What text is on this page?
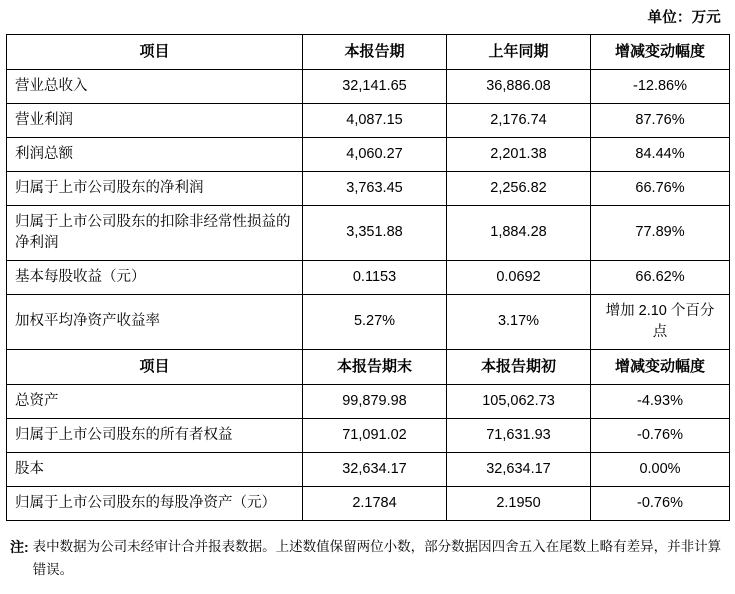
单位：万元
项目	本报告期	上年同期	增减变动幅度
营业总收入	32,141.65	36,886.08	-12.86%
营业利润	4,087.15	2,176.74	87.76%
利润总额	4,060.27	2,201.38	84.44%
归属于上市公司股东的净利润	3,763.45	2,256.82	66.76%
归属于上市公司股东的扣除非经常性损益的净利润	3,351.88	1,884.28	77.89%
基本每股收益（元）	0.1153	0.0692	66.62%
加权平均净资产收益率	5.27%	3.17%	增加 2.10 个百分点
项目	本报告期末	本报告期初	增减变动幅度
总资产	99,879.98	105,062.73	-4.93%
归属于上市公司股东的所有者权益	71,091.02	71,631.93	-0.76%
股本	32,634.17	32,634.17	0.00%
归属于上市公司股东的每股净资产（元）	2.1784	2.1950	-0.76%
注: 表中数据为公司未经审计合并报表数据。上述数值保留两位小数，部分数据因四舍五入在尾数上略有差异，并非计算错误。
